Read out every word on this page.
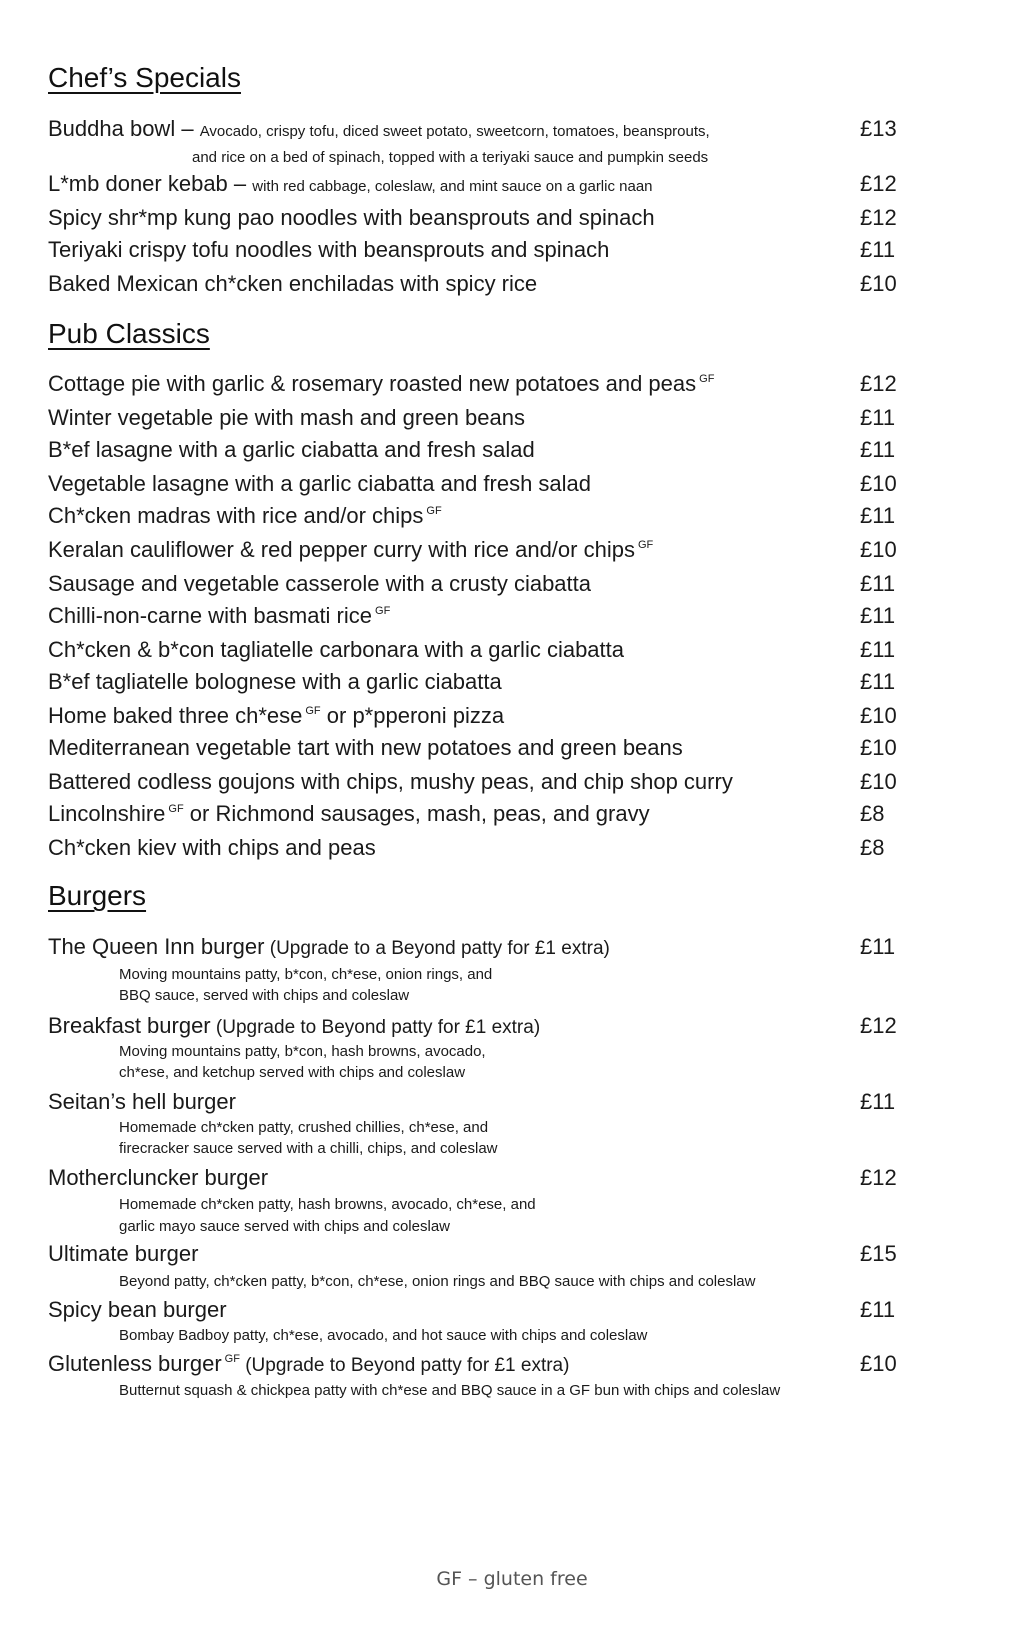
Chef’s Specials
Buddha bowl – Avocado, crispy tofu, diced sweet potato, sweetcorn, tomatoes, beansprouts,	£13
and rice on a bed of spinach, topped with a teriyaki sauce and pumpkin seeds
L*mb doner kebab – with red cabbage, coleslaw, and mint sauce on a garlic naan	£12
Spicy shr*mp kung pao noodles with beansprouts and spinach	£12
Teriyaki crispy tofu noodles with beansprouts and spinach	£11
Baked Mexican ch*cken enchiladas with spicy rice	£10
Pub Classics
Cottage pie with garlic & rosemary roasted new potatoes and peas $^{GF}$	£12
Winter vegetable pie with mash and green beans	£11
B*ef lasagne with a garlic ciabatta and fresh salad	£11
Vegetable lasagne with a garlic ciabatta and fresh salad	£10
Ch*cken madras with rice and/or chips $^{GF}$	£11
Keralan cauliflower & red pepper curry with rice and/or chips $^{GF}$	£10
Sausage and vegetable casserole with a crusty ciabatta	£11
Chilli-non-carne with basmati rice $^{GF}$	£11
Ch*cken & b*con tagliatelle carbonara with a garlic ciabatta	£11
B*ef tagliatelle bolognese with a garlic ciabatta	£11
Home baked three ch*ese $^{GF}$ or p*pperoni pizza	£10
Mediterranean vegetable tart with new potatoes and green beans	£10
Battered codless goujons with chips, mushy peas, and chip shop curry	£10
Lincolnshire $^{GF}$ or Richmond sausages, mash, peas, and gravy	£8
Ch*cken kiev with chips and peas	£8
Burgers
The Queen Inn burger (Upgrade to a Beyond patty for £1 extra)	£11
Moving mountains patty, b*con, ch*ese, onion rings, and
BBQ sauce, served with chips and coleslaw
Breakfast burger (Upgrade to Beyond patty for £1 extra)	£12
Moving mountains patty, b*con, hash browns, avocado,
ch*ese, and ketchup served with chips and coleslaw
Seitan’s hell burger	£11
Homemade ch*cken patty, crushed chillies, ch*ese, and
firecracker sauce served with a chilli, chips, and coleslaw
Mothercluncker burger	£12
Homemade ch*cken patty, hash browns, avocado, ch*ese, and
garlic mayo sauce served with chips and coleslaw
Ultimate burger	£15
Beyond patty, ch*cken patty, b*con, ch*ese, onion rings and BBQ sauce with chips and coleslaw
Spicy bean burger	£11
Bombay Badboy patty, ch*ese, avocado, and hot sauce with chips and coleslaw
Glutenless burger $^{GF}$ (Upgrade to Beyond patty for £1 extra)	£10
Butternut squash & chickpea patty with ch*ese and BBQ sauce in a GF bun with chips and coleslaw
GF – gluten free
